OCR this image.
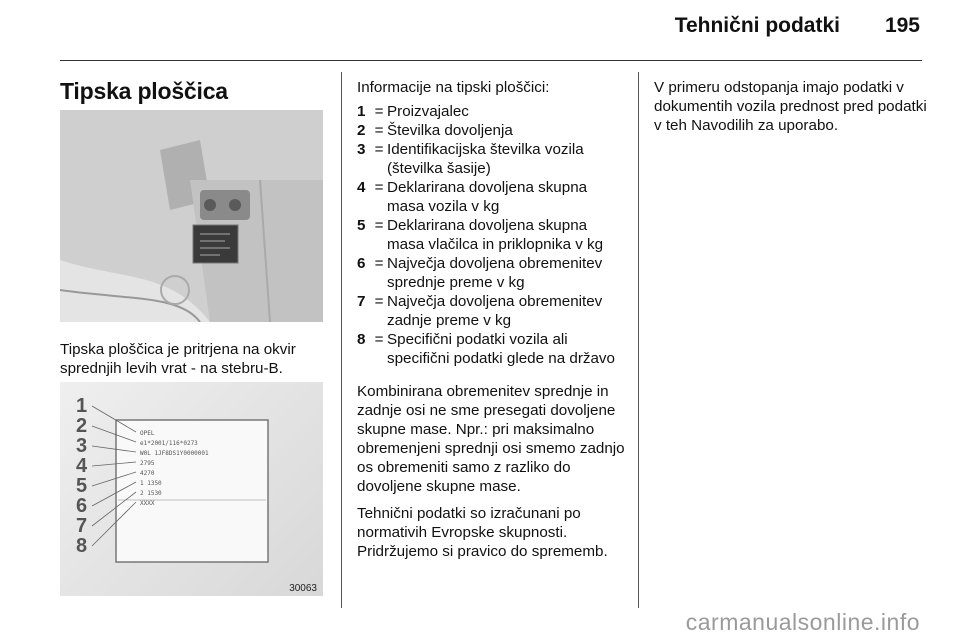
Tehnični podatki 195
Tipska ploščica
Tipska ploščica je pritrjena na okvir sprednjih levih vrat - na stebru-B.
OPEL
e1*2001/116*0273
W0L 1JF8DS1Y0000001
2795
4270
1 1350
2 1530
XXXX
1
2
3
4
5
6
7
8
30063

Informacije na tipski ploščici:

1 = Proizvajalec
2 = Številka dovoljenja
3 = Identifikacijska številka vozila (številka šasije)
4 = Deklarirana dovoljena skupna masa vozila v kg
5 = Deklarirana dovoljena skupna masa vlačilca in priklopnika v kg
6 = Največja dovoljena obremenitev sprednje preme v kg
7 = Največja dovoljena obremenitev zadnje preme v kg
8 = Specifični podatki vozila ali specifični podatki glede na državo

Kombinirana obremenitev sprednje in zadnje osi ne sme presegati dovoljene skupne mase. Npr.: pri maksimalno obremenjeni sprednji osi smemo zadnjo os obremeniti samo z razliko do dovoljene skupne mase.

Tehnični podatki so izračunani po normativih Evropske skupnosti. Pridržujemo si pravico do sprememb.

V primeru odstopanja imajo podatki v dokumentih vozila prednost pred podatki v teh Navodilih za uporabo.

carmanualsonline.info
